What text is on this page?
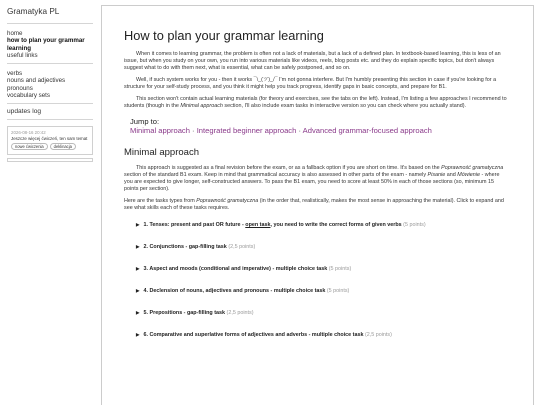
Gramatyka PL
home
how to plan your grammar learning
useful links
verbs
nouns and adjectives
pronouns
vocabulary sets
updates log
2026-08-16 20:42
Jeszcze więcej ćwiczeń, ten sam temat
nowe ćwiczenia deklinacja
How to plan your grammar learning

When it comes to learning grammar, the problem is often not a lack of materials, but a lack of a defined plan. In textbook-based learning, this is less of an issue, but when you study on your own, you run into various materials like videos, reels, blog posts etc. and they do explain specific topics, but don't always suggest what to do with them next, what is essential, what can be safely postponed, and so on.

Well, if such system works for you - then it works ¯\_(ツ)_/¯ I'm not gonna interfere. But I'm humbly presenting this section in case if you're looking for a structure for your self-study process, and you think it might help you track progress, identify gaps in basic concepts, and prepare for B1.

This section won't contain actual learning materials (for theory and exercises, see the tabs on the left). Instead, I'm listing a few approaches I recommend to students (though in the Minimal approach section, I'll also include exam tasks in interactive version so you can check where you actually stand).

Jump to:
Minimal approach · Integrated beginner approach · Advanced grammar-focused approach
Minimal approach

This approach is suggested as a final revision before the exam, or as a fallback option if you are short on time. It's based on the Poprawność gramatyczna section of the standard B1 exam. Keep in mind that grammatical accuracy is also assessed in other parts of the exam - namely Pisanie and Mówienie - where you are expected to give longer, self-constructed answers. To pass the B1 exam, you need to score at least 50% in each of those sections (so, minimum 15 points per section).

Here are the tasks types from Poprawność gramatyczna (in the order that, realistically, makes the most sense in approaching the material). Click to expand and see what skills each of these tasks requires.

▶ 1. Tenses: present and past OR future - open task, you need to write the correct forms of given verbs (5 points)
▶ 2. Conjunctions - gap-filling task (2,5 points)
▶ 3. Aspect and moods (conditional and imperative) - multiple choice task (5 points)
▶ 4. Declension of nouns, adjectives and pronouns - multiple choice task (5 points)
▶ 5. Prepositions - gap-filling task (2,5 points)
▶ 6. Comparative and superlative forms of adjectives and adverbs - multiple choice task (2,5 points)
